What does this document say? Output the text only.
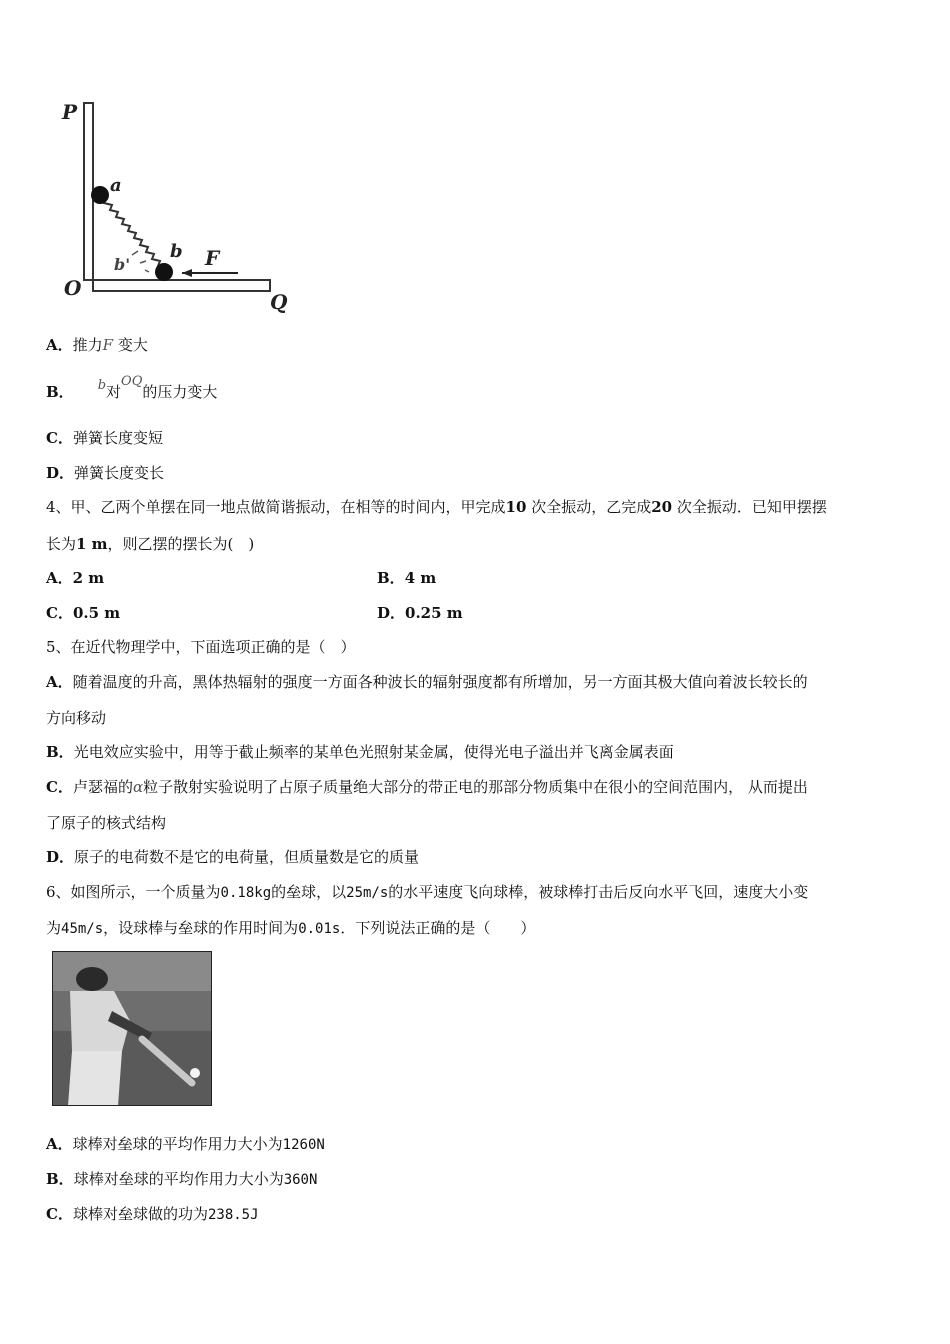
P
O
Q
a
b
b'	F
A．推力F 变大
B． b对OQ的压力变大
C．弹簧长度变短
D．弹簧长度变长
4、甲、乙两个单摆在同一地点做简谐振动，在相等的时间内，甲完成10 次全振动，乙完成20 次全振动．已知甲摆摆
长为1 m，则乙摆的摆长为(　)
A．2 m	B．4 m
C．0.5 m	D．0.25 m
5、在近代物理学中，下面选项正确的是（　）
A．随着温度的升高，黑体热辐射的强度一方面各种波长的辐射强度都有所增加，另一方面其极大值向着波长较长的
方向移动
B．光电效应实验中，用等于截止频率的某单色光照射某金属，使得光电子溢出并飞离金属表面
C．卢瑟福的α粒子散射实验说明了占原子质量绝大部分的带正电的那部分物质集中在很小的空间范围内， 从而提出
了原子的核式结构
D．原子的电荷数不是它的电荷量，但质量数是它的质量
6、如图所示，一个质量为0.18kg的垒球，以25m/s的水平速度飞向球棒，被球棒打击后反向水平飞回，速度大小变
为45m/s，设球棒与垒球的作用时间为0.01s．下列说法正确的是（　　）
A．球棒对垒球的平均作用力大小为1260N
B．球棒对垒球的平均作用力大小为360N
C．球棒对垒球做的功为238.5J
